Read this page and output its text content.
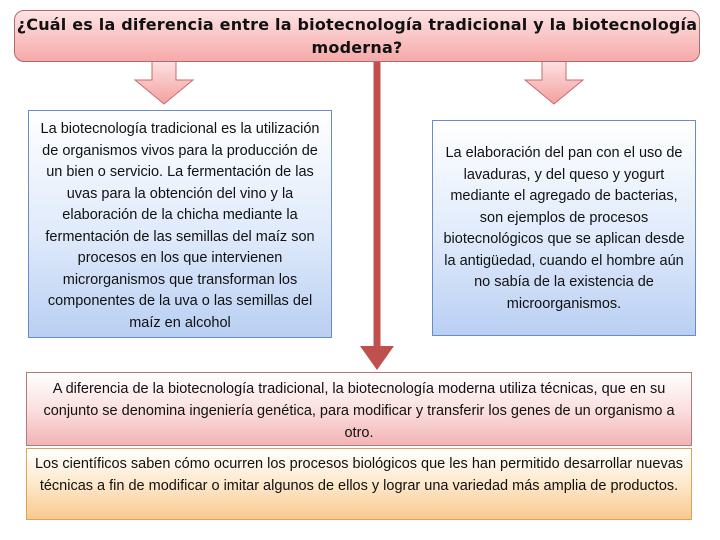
¿Cuál es la diferencia entre la biotecnología tradicional y la biotecnología moderna?
La biotecnología tradicional es la utilización de organismos vivos para la producción de un bien o servicio. La fermentación de las uvas para la obtención del vino y la elaboración de la chicha mediante la fermentación de las semillas del maíz son procesos en los que intervienen microrganismos que transforman los componentes de la uva o las semillas del maíz en alcohol
La elaboración del pan con el uso de lavaduras, y del queso y yogurt mediante el agregado de bacterias, son ejemplos de procesos biotecnológicos que se aplican desde la antigüedad, cuando el hombre aún no sabía de la existencia de microorganismos.
A diferencia de la biotecnología tradicional, la biotecnología moderna utiliza técnicas, que en su conjunto se denomina ingeniería genética, para modificar y transferir los genes de un organismo a otro.
Los científicos saben cómo ocurren los procesos biológicos que les han permitido desarrollar nuevas técnicas a fin de modificar o imitar algunos de ellos y lograr una variedad más amplia de productos.
